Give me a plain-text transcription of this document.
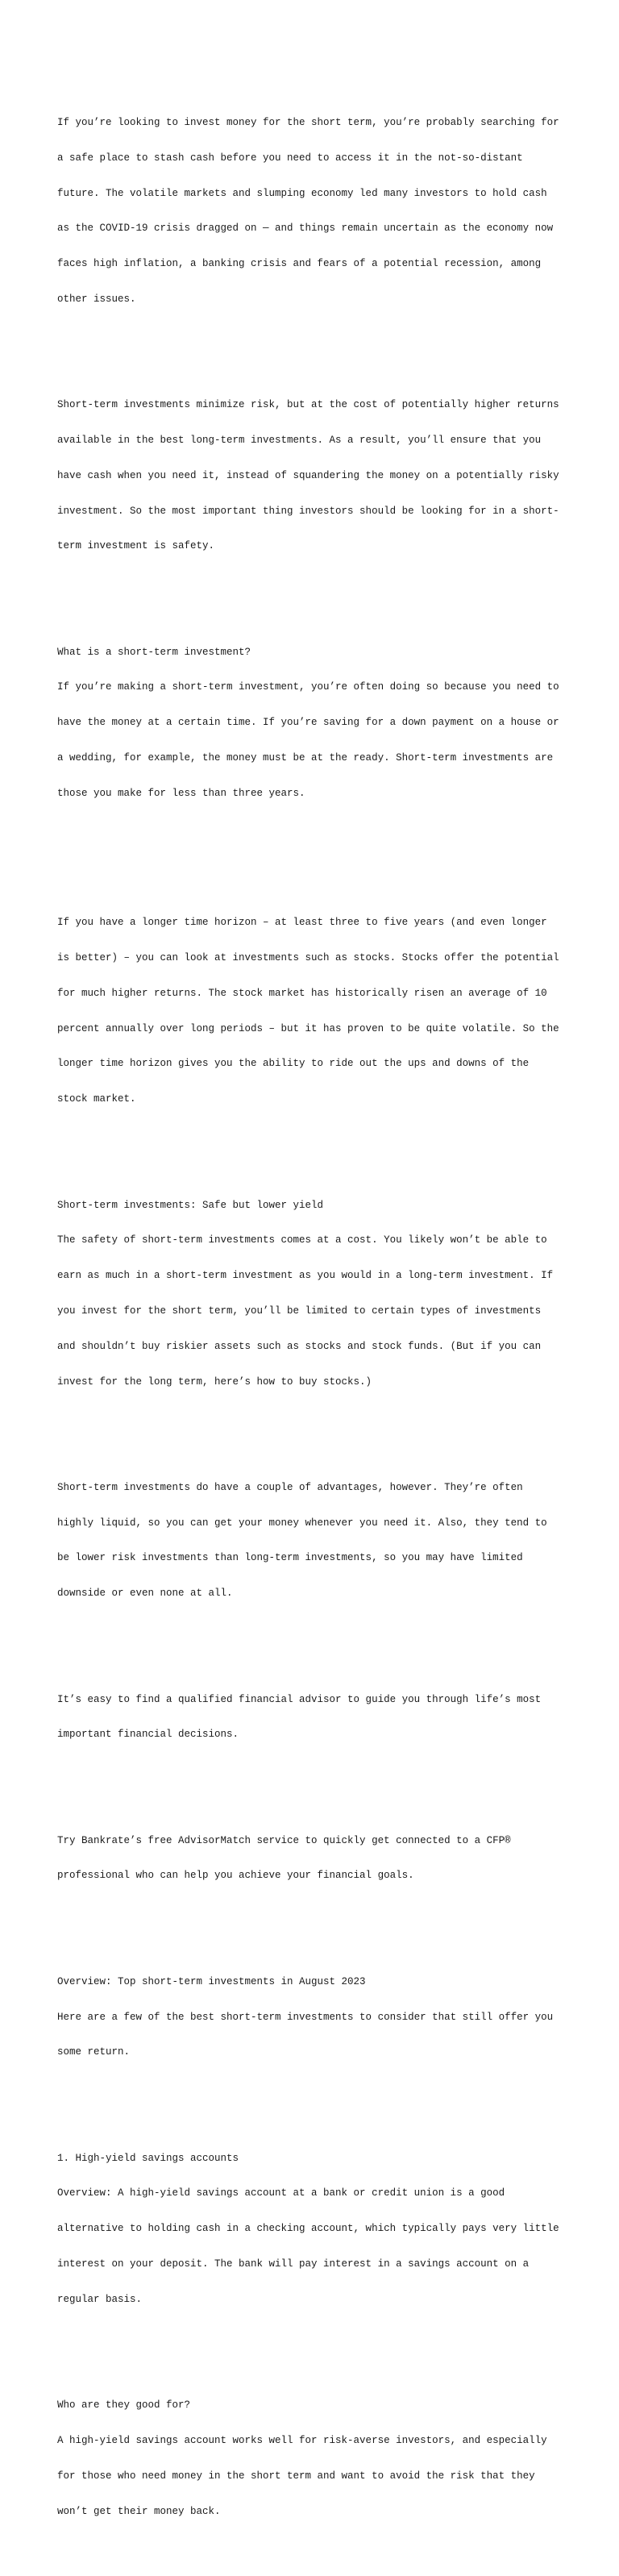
If you’re looking to invest money for the short term, you’re probably searching for

a safe place to stash cash before you need to access it in the not-so-distant

future. The volatile markets and slumping economy led many investors to hold cash

as the COVID-19 crisis dragged on — and things remain uncertain as the economy now

faces high inflation, a banking crisis and fears of a potential recession, among

other issues.

Short-term investments minimize risk, but at the cost of potentially higher returns

available in the best long-term investments. As a result, you’ll ensure that you

have cash when you need it, instead of squandering the money on a potentially risky

investment. So the most important thing investors should be looking for in a short-

term investment is safety.

What is a short-term investment?

If you’re making a short-term investment, you’re often doing so because you need to

have the money at a certain time. If you’re saving for a down payment on a house or

a wedding, for example, the money must be at the ready. Short-term investments are

those you make for less than three years.

If you have a longer time horizon – at least three to five years (and even longer

is better) – you can look at investments such as stocks. Stocks offer the potential

for much higher returns. The stock market has historically risen an average of 10

percent annually over long periods – but it has proven to be quite volatile. So the

longer time horizon gives you the ability to ride out the ups and downs of the

stock market.

Short-term investments: Safe but lower yield

The safety of short-term investments comes at a cost. You likely won’t be able to

earn as much in a short-term investment as you would in a long-term investment. If

you invest for the short term, you’ll be limited to certain types of investments

and shouldn’t buy riskier assets such as stocks and stock funds. (But if you can

invest for the long term, here’s how to buy stocks.)

Short-term investments do have a couple of advantages, however. They’re often

highly liquid, so you can get your money whenever you need it. Also, they tend to

be lower risk investments than long-term investments, so you may have limited

downside or even none at all.

It’s easy to find a qualified financial advisor to guide you through life’s most

important financial decisions.

Try Bankrate’s free AdvisorMatch service to quickly get connected to a CFP®

professional who can help you achieve your financial goals.

Overview: Top short-term investments in August 2023

Here are a few of the best short-term investments to consider that still offer you

some return.

1. High-yield savings accounts

Overview: A high-yield savings account at a bank or credit union is a good

alternative to holding cash in a checking account, which typically pays very little

interest on your deposit. The bank will pay interest in a savings account on a

regular basis.

Who are they good for?

A high-yield savings account works well for risk-averse investors, and especially

for those who need money in the short term and want to avoid the risk that they

won’t get their money back.
